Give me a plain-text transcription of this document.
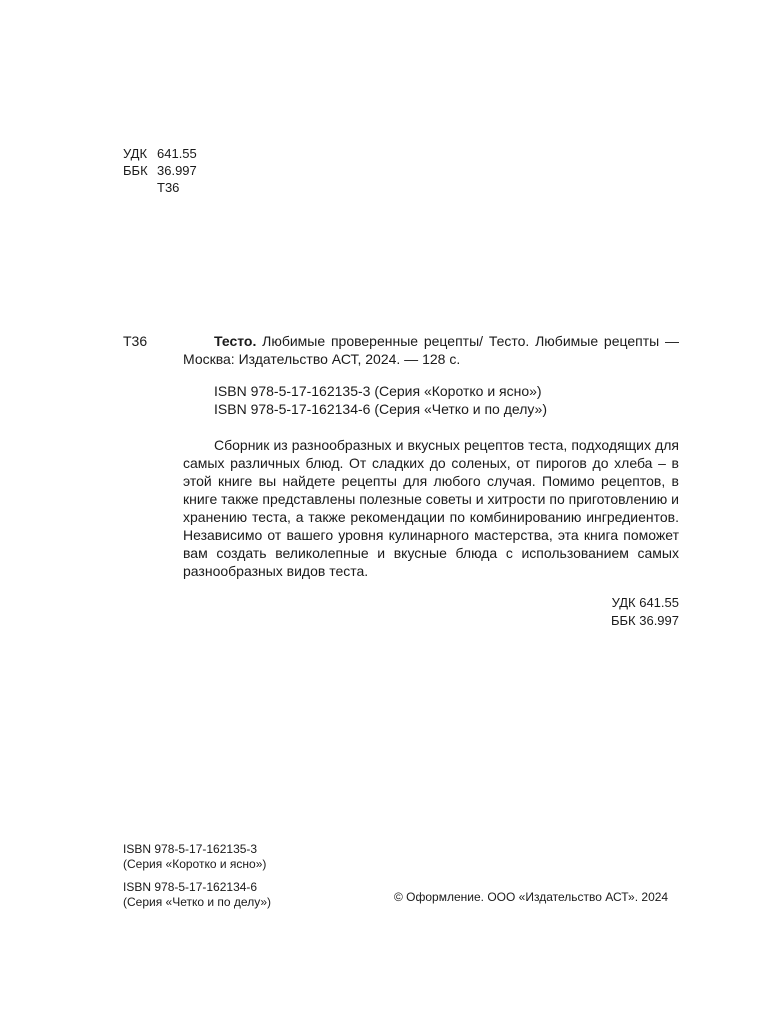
УДК 641.55
ББК 36.997
Т36
Т36	Тесто. Любимые проверенные рецепты/ Тесто. Любимые рецепты — Москва: Издательство АСТ, 2024. — 128 с.

ISBN 978-5-17-162135-3 (Серия «Коротко и ясно»)
ISBN 978-5-17-162134-6 (Серия «Четко и по делу»)

Сборник из разнообразных и вкусных рецептов теста, подходящих для самых различных блюд. От сладких до соленых, от пирогов до хлеба – в этой книге вы найдете рецепты для любого случая. Помимо рецептов, в книге также представлены полезные советы и хитрости по приготовлению и хранению теста, а также рекомендации по комбинированию ингредиентов. Независимо от вашего уровня кулинарного мастерства, эта книга поможет вам создать великолепные и вкусные блюда с использованием самых разнообразных видов теста.

УДК 641.55
ББК 36.997
ISBN 978-5-17-162135-3
(Серия «Коротко и ясно»)
ISBN 978-5-17-162134-6
(Серия «Четко и по делу»)	© Оформление. ООО «Издательство АСТ». 2024
